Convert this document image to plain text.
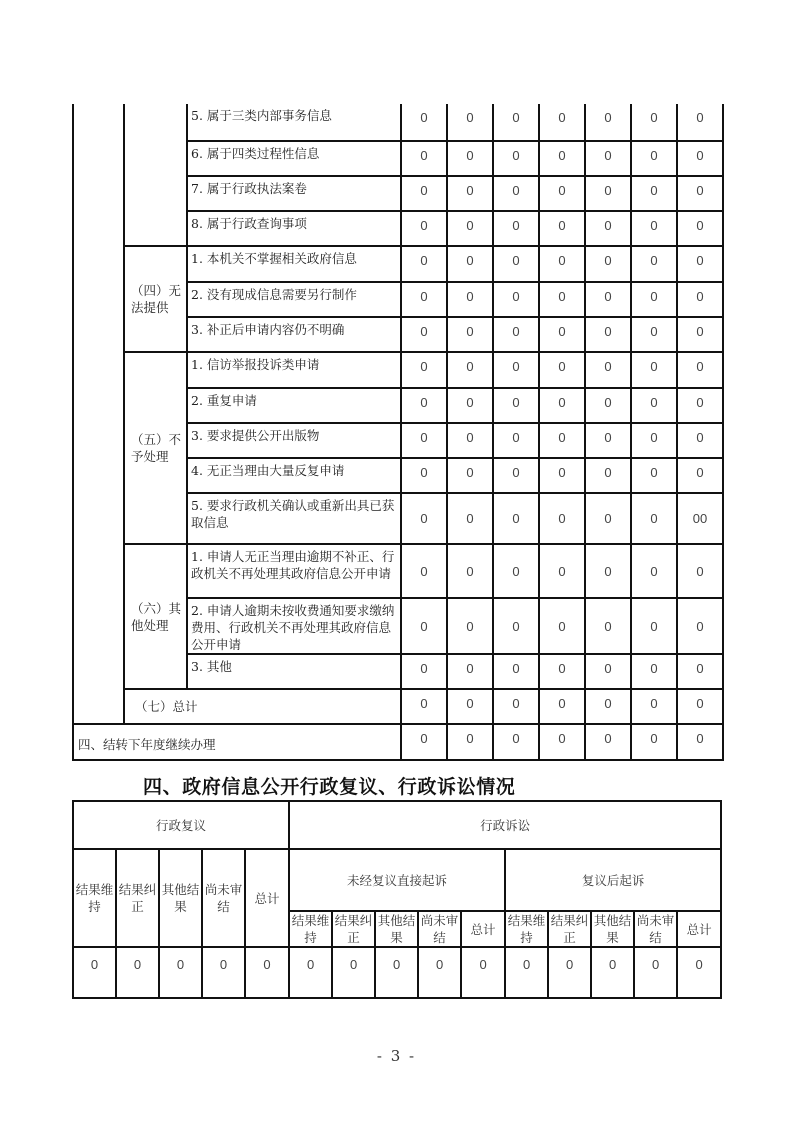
		5. 属于三类内部事务信息	0	0	0	0	0	0	0
		6. 属于四类过程性信息	0	0	0	0	0	0	0
		7. 属于行政执法案卷	0	0	0	0	0	0	0
		8. 属于行政查询事项	0	0	0	0	0	0	0
	（四）无法提供	1. 本机关不掌握相关政府信息	0	0	0	0	0	0	0
		2. 没有现成信息需要另行制作	0	0	0	0	0	0	0
		3. 补正后申请内容仍不明确	0	0	0	0	0	0	0
	（五）不予处理	1. 信访举报投诉类申请	0	0	0	0	0	0	0
		2. 重复申请	0	0	0	0	0	0	0
		3. 要求提供公开出版物	0	0	0	0	0	0	0
		4. 无正当理由大量反复申请	0	0	0	0	0	0	0
		5. 要求行政机关确认或重新出具已获取信息	0	0	0	0	0	0	00
	（六）其他处理	1. 申请人无正当理由逾期不补正、行政机关不再处理其政府信息公开申请	0	0	0	0	0	0	0
		2. 申请人逾期未按收费通知要求缴纳费用、行政机关不再处理其政府信息公开申请	0	0	0	0	0	0	0
		3. 其他	0	0	0	0	0	0	0
	（七）总计		0	0	0	0	0	0	0
四、结转下年度继续办理			0	0	0	0	0	0	0
四、政府信息公开行政复议、行政诉讼情况
行政复议					行政诉讼									
结果维持	结果纠正	其他结果	尚未审结	总计	未经复议直接起诉					复议后起诉				
					结果维持	结果纠正	其他结果	尚未审结	总计	结果维持	结果纠正	其他结果	尚未审结	总计
0	0	0	0	0	0	0	0	0	0	0	0	0	0	0
- 3 -
